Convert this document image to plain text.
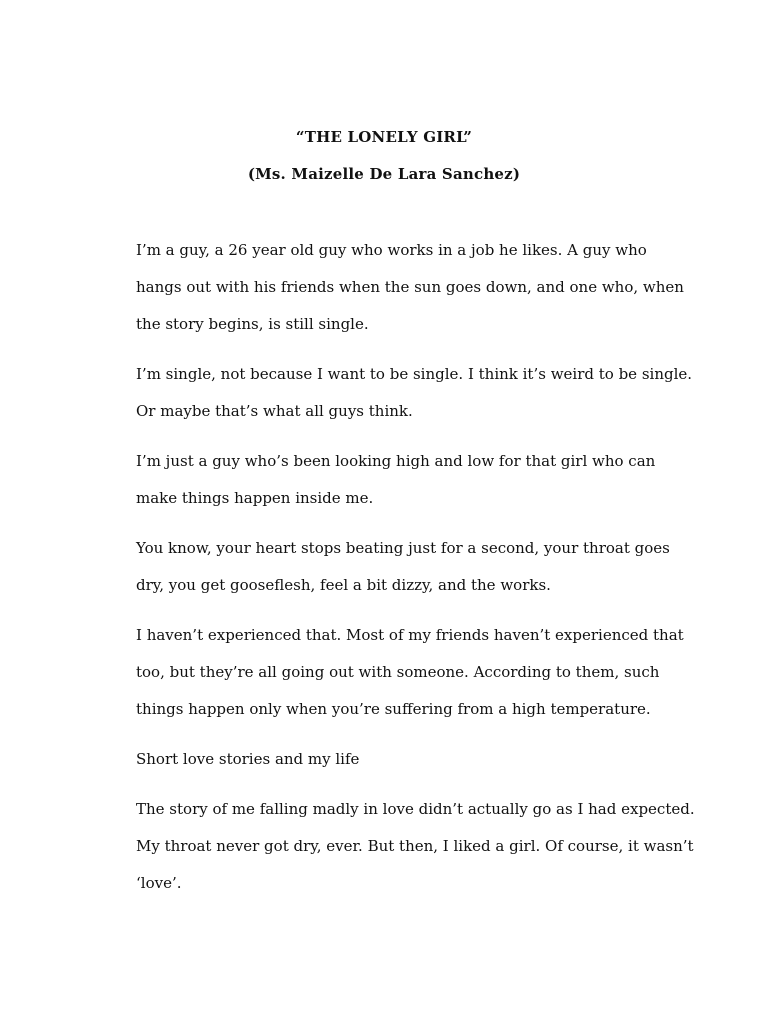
“THE LONELY GIRL”

(Ms. Maizelle De Lara Sanchez)

I’m a guy, a 26 year old guy who works in a job he likes. A guy who
hangs out with his friends when the sun goes down, and one who, when
the story begins, is still single.

I’m single, not because I want to be single. I think it’s weird to be single.
Or maybe that’s what all guys think.

I’m just a guy who’s been looking high and low for that girl who can
make things happen inside me.

You know, your heart stops beating just for a second, your throat goes
dry, you get gooseflesh, feel a bit dizzy, and the works.

I haven’t experienced that. Most of my friends haven’t experienced that
too, but they’re all going out with someone. According to them, such
things happen only when you’re suffering from a high temperature.

Short love stories and my life

The story of me falling madly in love didn’t actually go as I had expected.
My throat never got dry, ever. But then, I liked a girl. Of course, it wasn’t
‘love’.
